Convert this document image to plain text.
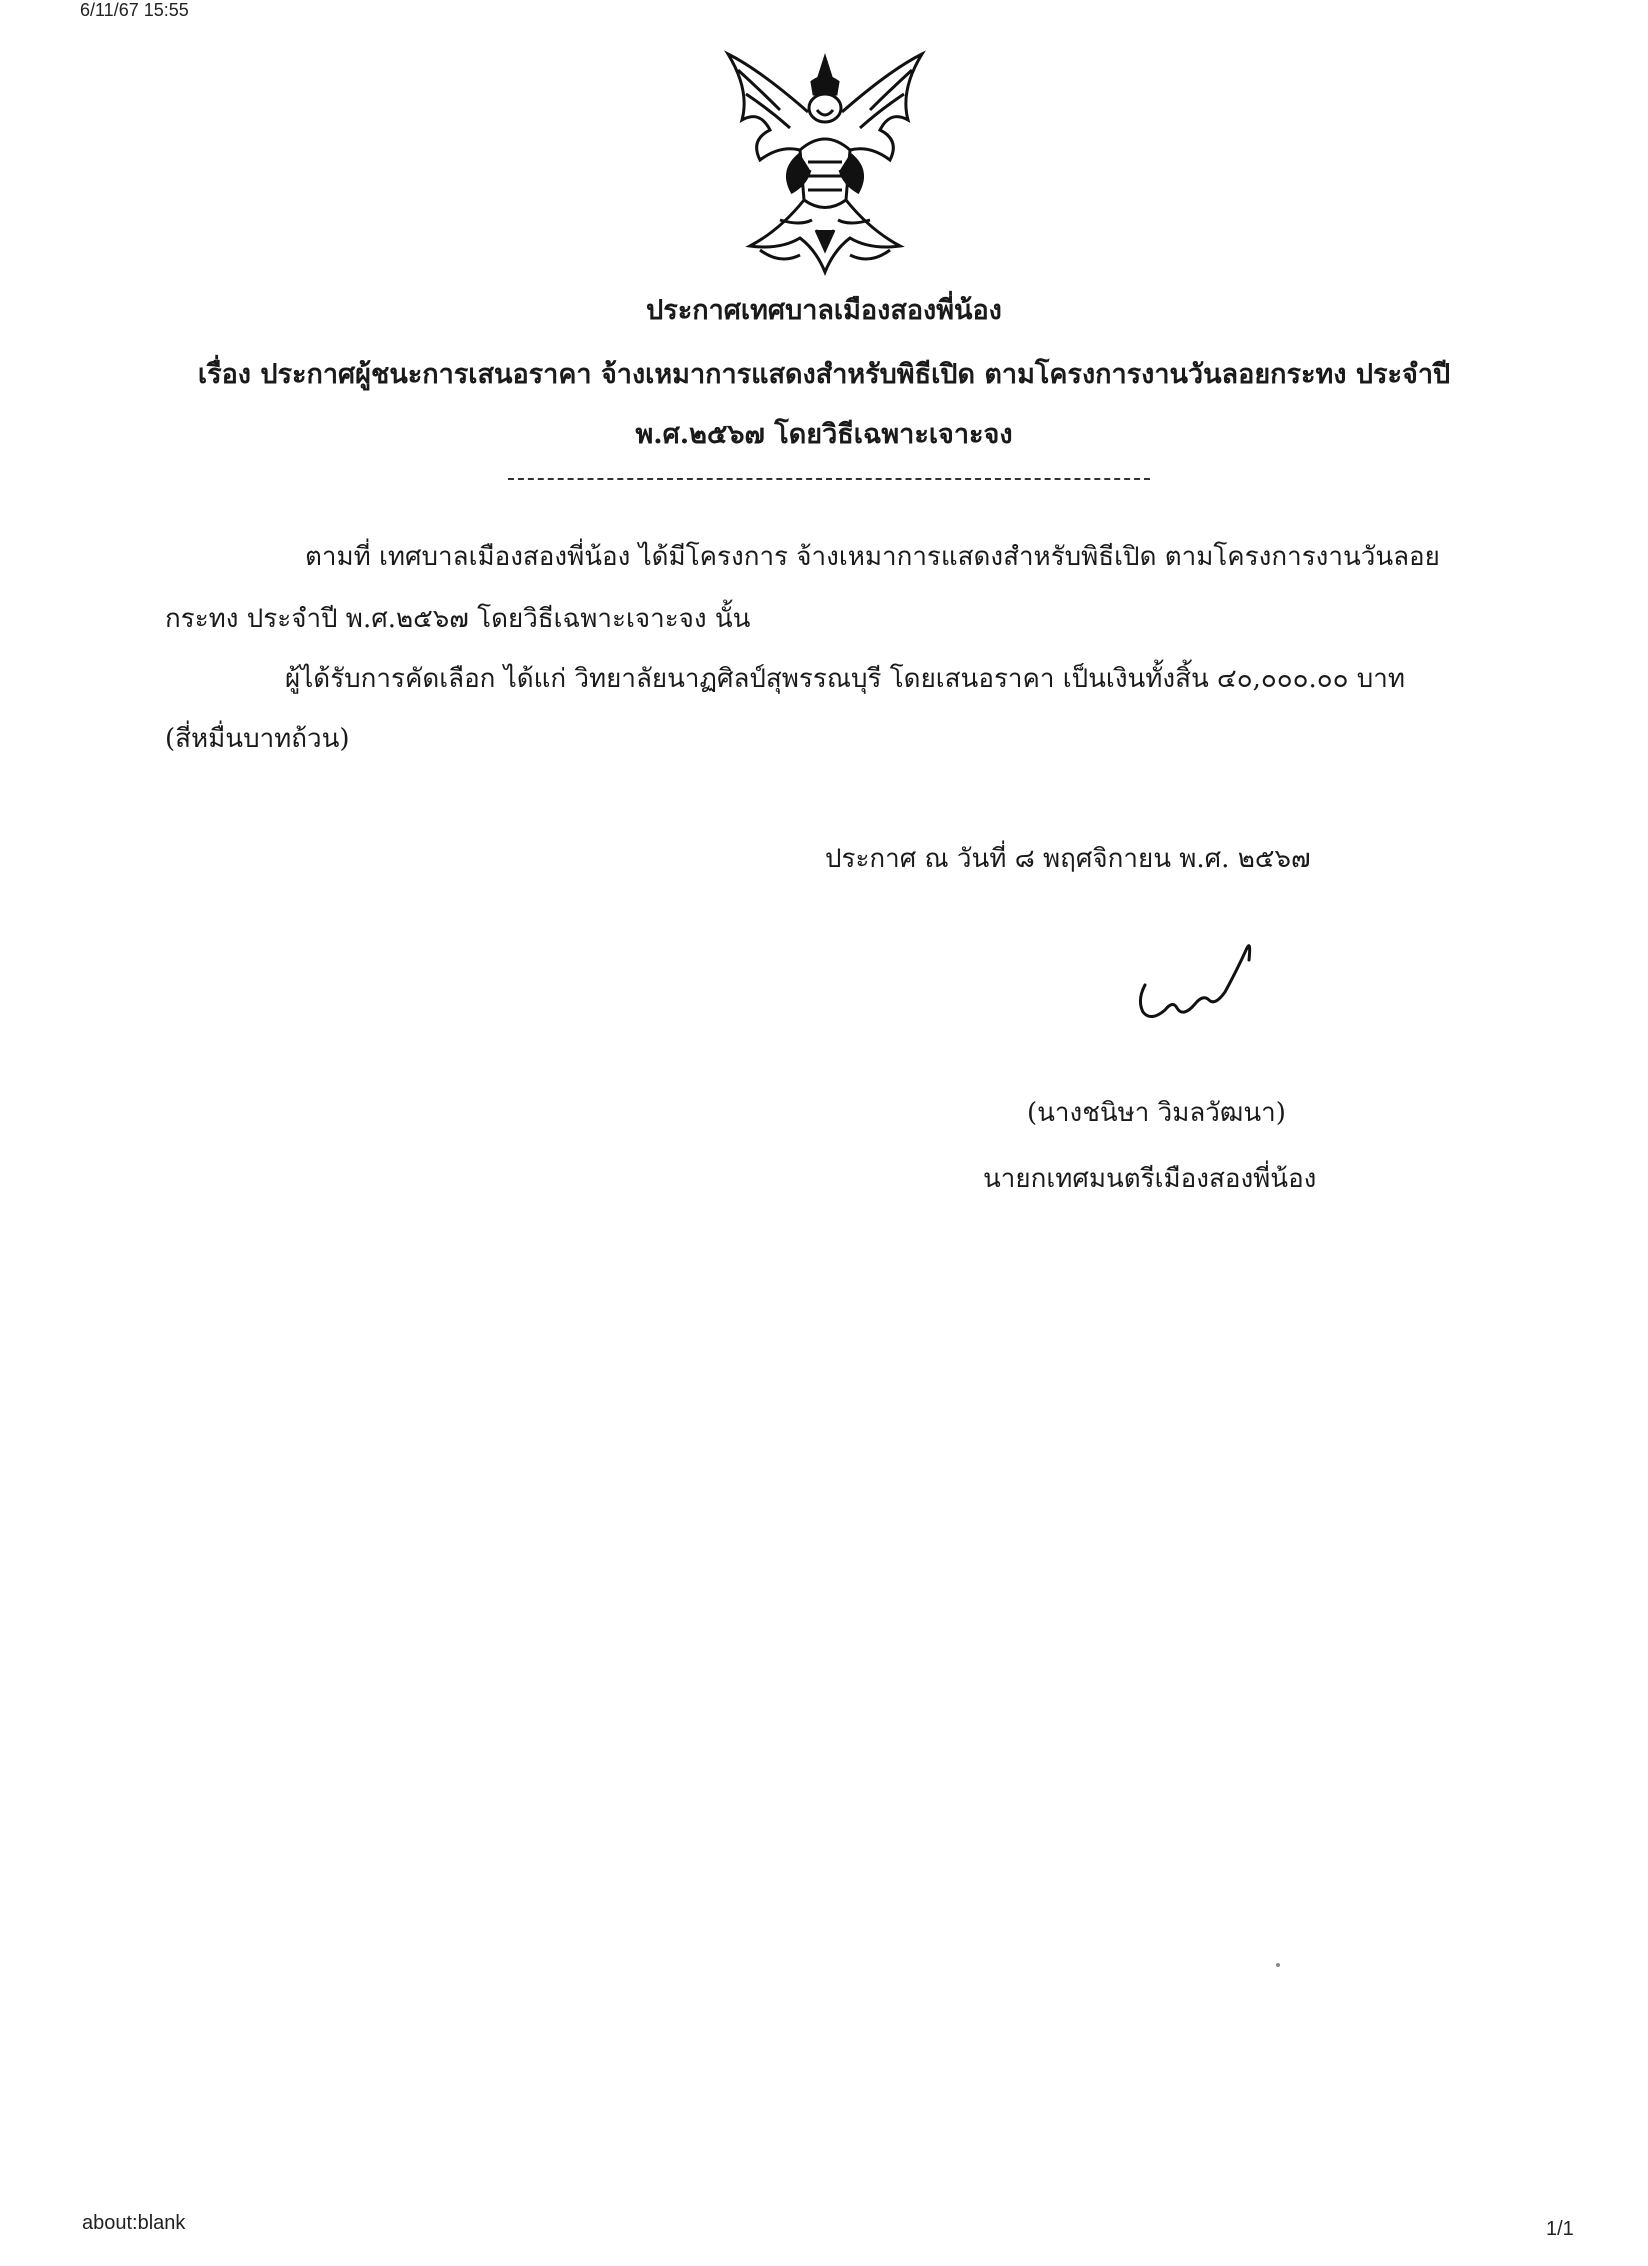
6/11/67 15:55
ประกาศเทศบาลเมืองสองพี่น้อง
เรื่อง ประกาศผู้ชนะการเสนอราคา จ้างเหมาการแสดงสำหรับพิธีเปิด ตามโครงการงานวันลอยกระทง ประจำปี
พ.ศ.๒๕๖๗ โดยวิธีเฉพาะเจาะจง
ตามที่ เทศบาลเมืองสองพี่น้อง ได้มีโครงการ จ้างเหมาการแสดงสำหรับพิธีเปิด ตามโครงการงานวันลอย
กระทง ประจำปี พ.ศ.๒๕๖๗ โดยวิธีเฉพาะเจาะจง นั้น
ผู้ได้รับการคัดเลือก ได้แก่ วิทยาลัยนาฏศิลป์สุพรรณบุรี โดยเสนอราคา เป็นเงินทั้งสิ้น ๔๐,๐๐๐.๐๐ บาท
(สี่หมื่นบาทถ้วน)
ประกาศ ณ วันที่ ๘ พฤศจิกายน พ.ศ. ๒๕๖๗
(นางชนิษา วิมลวัฒนา)
นายกเทศมนตรีเมืองสองพี่น้อง
about:blank	1/1
